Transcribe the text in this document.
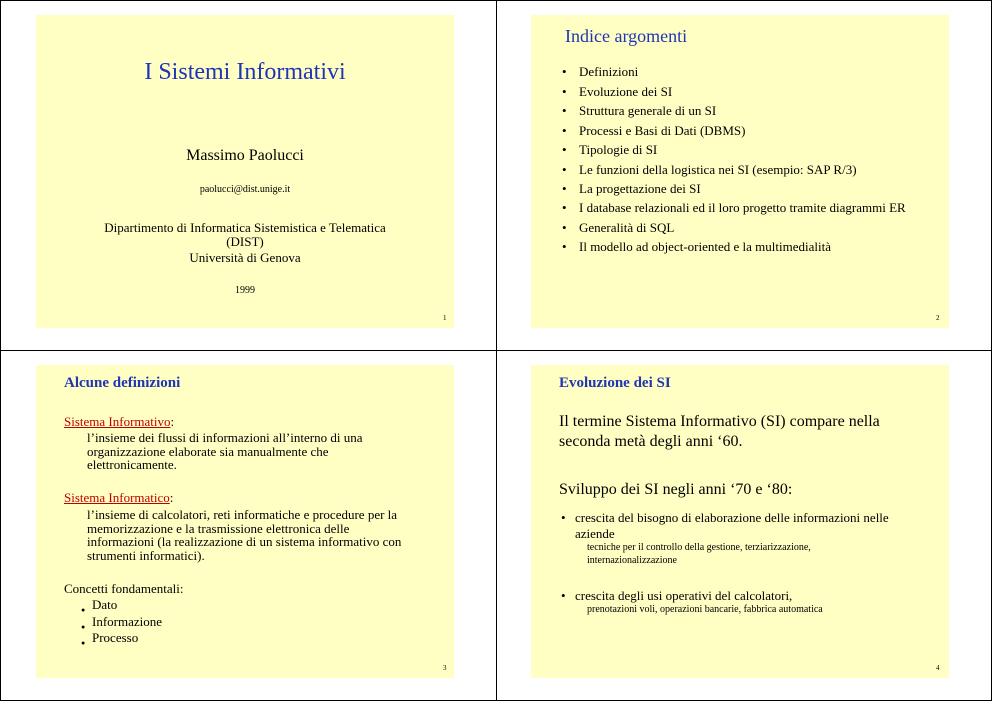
I Sistemi Informativi
Massimo Paolucci
paolucci@dist.unige.it
Dipartimento di Informatica Sistemistica e Telematica
(DIST)
Università di Genova
1999
1
Indice argomenti
• Definizioni
• Evoluzione dei SI
• Struttura generale di un SI
• Processi e Basi di Dati (DBMS)
• Tipologie di SI
• Le funzioni della logistica nei SI (esempio: SAP R/3)
• La progettazione dei SI
• I database relazionali ed il loro progetto tramite diagrammi ER
• Generalità di SQL
• Il modello ad object-oriented e la multimedialità
2
Alcune definizioni
Sistema Informativo:
l’insieme dei flussi di informazioni all’interno di una organizzazione elaborate sia manualmente che elettronicamente.
Sistema Informatico:
l’insieme di calcolatori, reti informatiche e procedure per la memorizzazione e la trasmissione elettronica delle informazioni (la realizzazione di un sistema informativo con strumenti informatici).
Concetti fondamentali:
● Dato
● Informazione
● Processo
3
Evoluzione dei SI
Il termine Sistema Informativo (SI) compare nella seconda metà degli anni ‘60.
Sviluppo dei SI negli anni ‘70 e ‘80:
• crescita del bisogno di elaborazione delle informazioni nelle aziende
tecniche per il controllo della gestione, terziarizzazione, internazionalizzazione
• crescita degli usi operativi del calcolatori,
prenotazioni voli, operazioni bancarie, fabbrica automatica
4
